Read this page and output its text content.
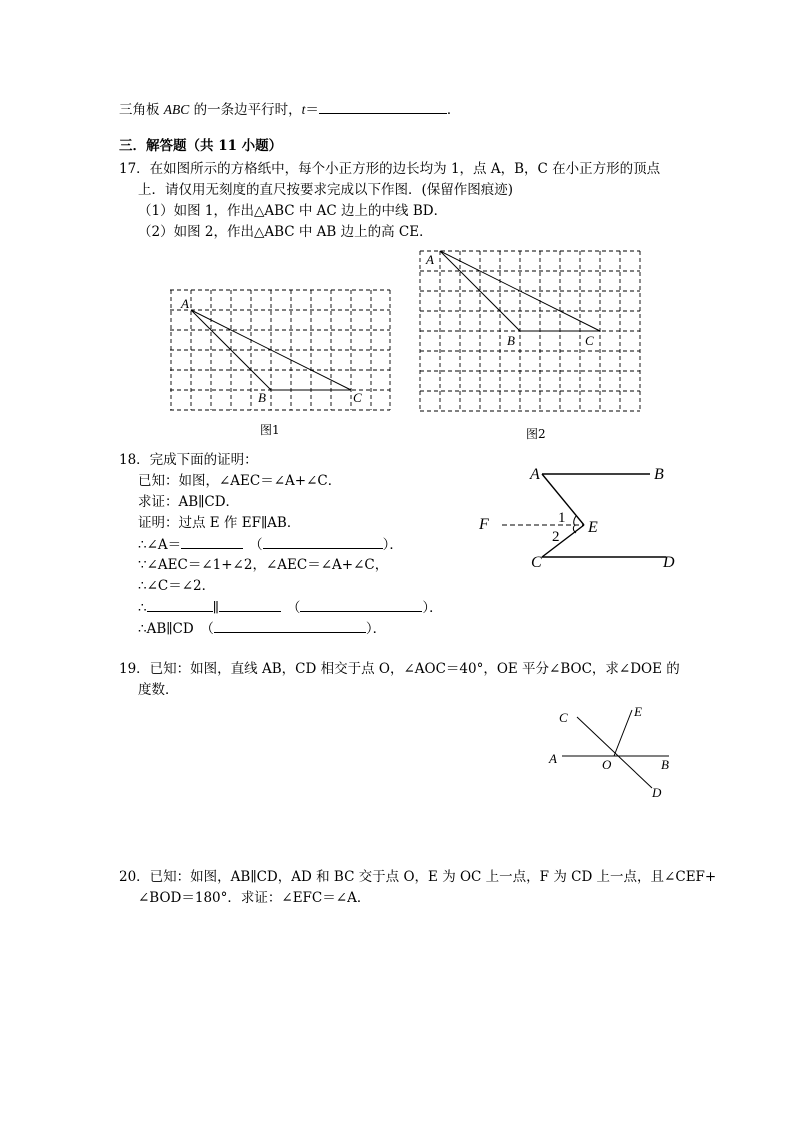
三角板 ABC 的一条边平行时，t＝	．
三．解答题（共 11 小题）
17．在如图所示的方格纸中，每个小正方形的边长均为 1，点 A，B，C 在小正方形的顶点
上．请仅用无刻度的直尺按要求完成以下作图．(保留作图痕迹)
（1）如图 1，作出△ABC 中 AC 边上的中线 BD．
（2）如图 2，作出△ABC 中 AB 边上的高 CE．
A
B	C
图1
A
B	C
图2
18．完成下面的证明：
已知：如图，∠AEC＝∠A+∠C．
求证：AB∥CD．
证明：过点 E 作 EF∥AB．
∴∠A＝	（	）．
∵∠AEC＝∠1+∠2，∠AEC＝∠A+∠C，
∴∠C＝∠2．
∴	∥	（	）．
∴AB∥CD　（	）．
A	B
F	E
1
2
C	D
19．已知：如图，直线 AB，CD 相交于点 O，∠AOC＝40°，OE 平分∠BOC，求∠DOE 的
度数．
C	E
A	O	B
D
20．已知：如图，AB∥CD，AD 和 BC 交于点 O，E 为 OC 上一点，F 为 CD 上一点，且∠CEF+
∠BOD＝180°．求证：∠EFC＝∠A．
